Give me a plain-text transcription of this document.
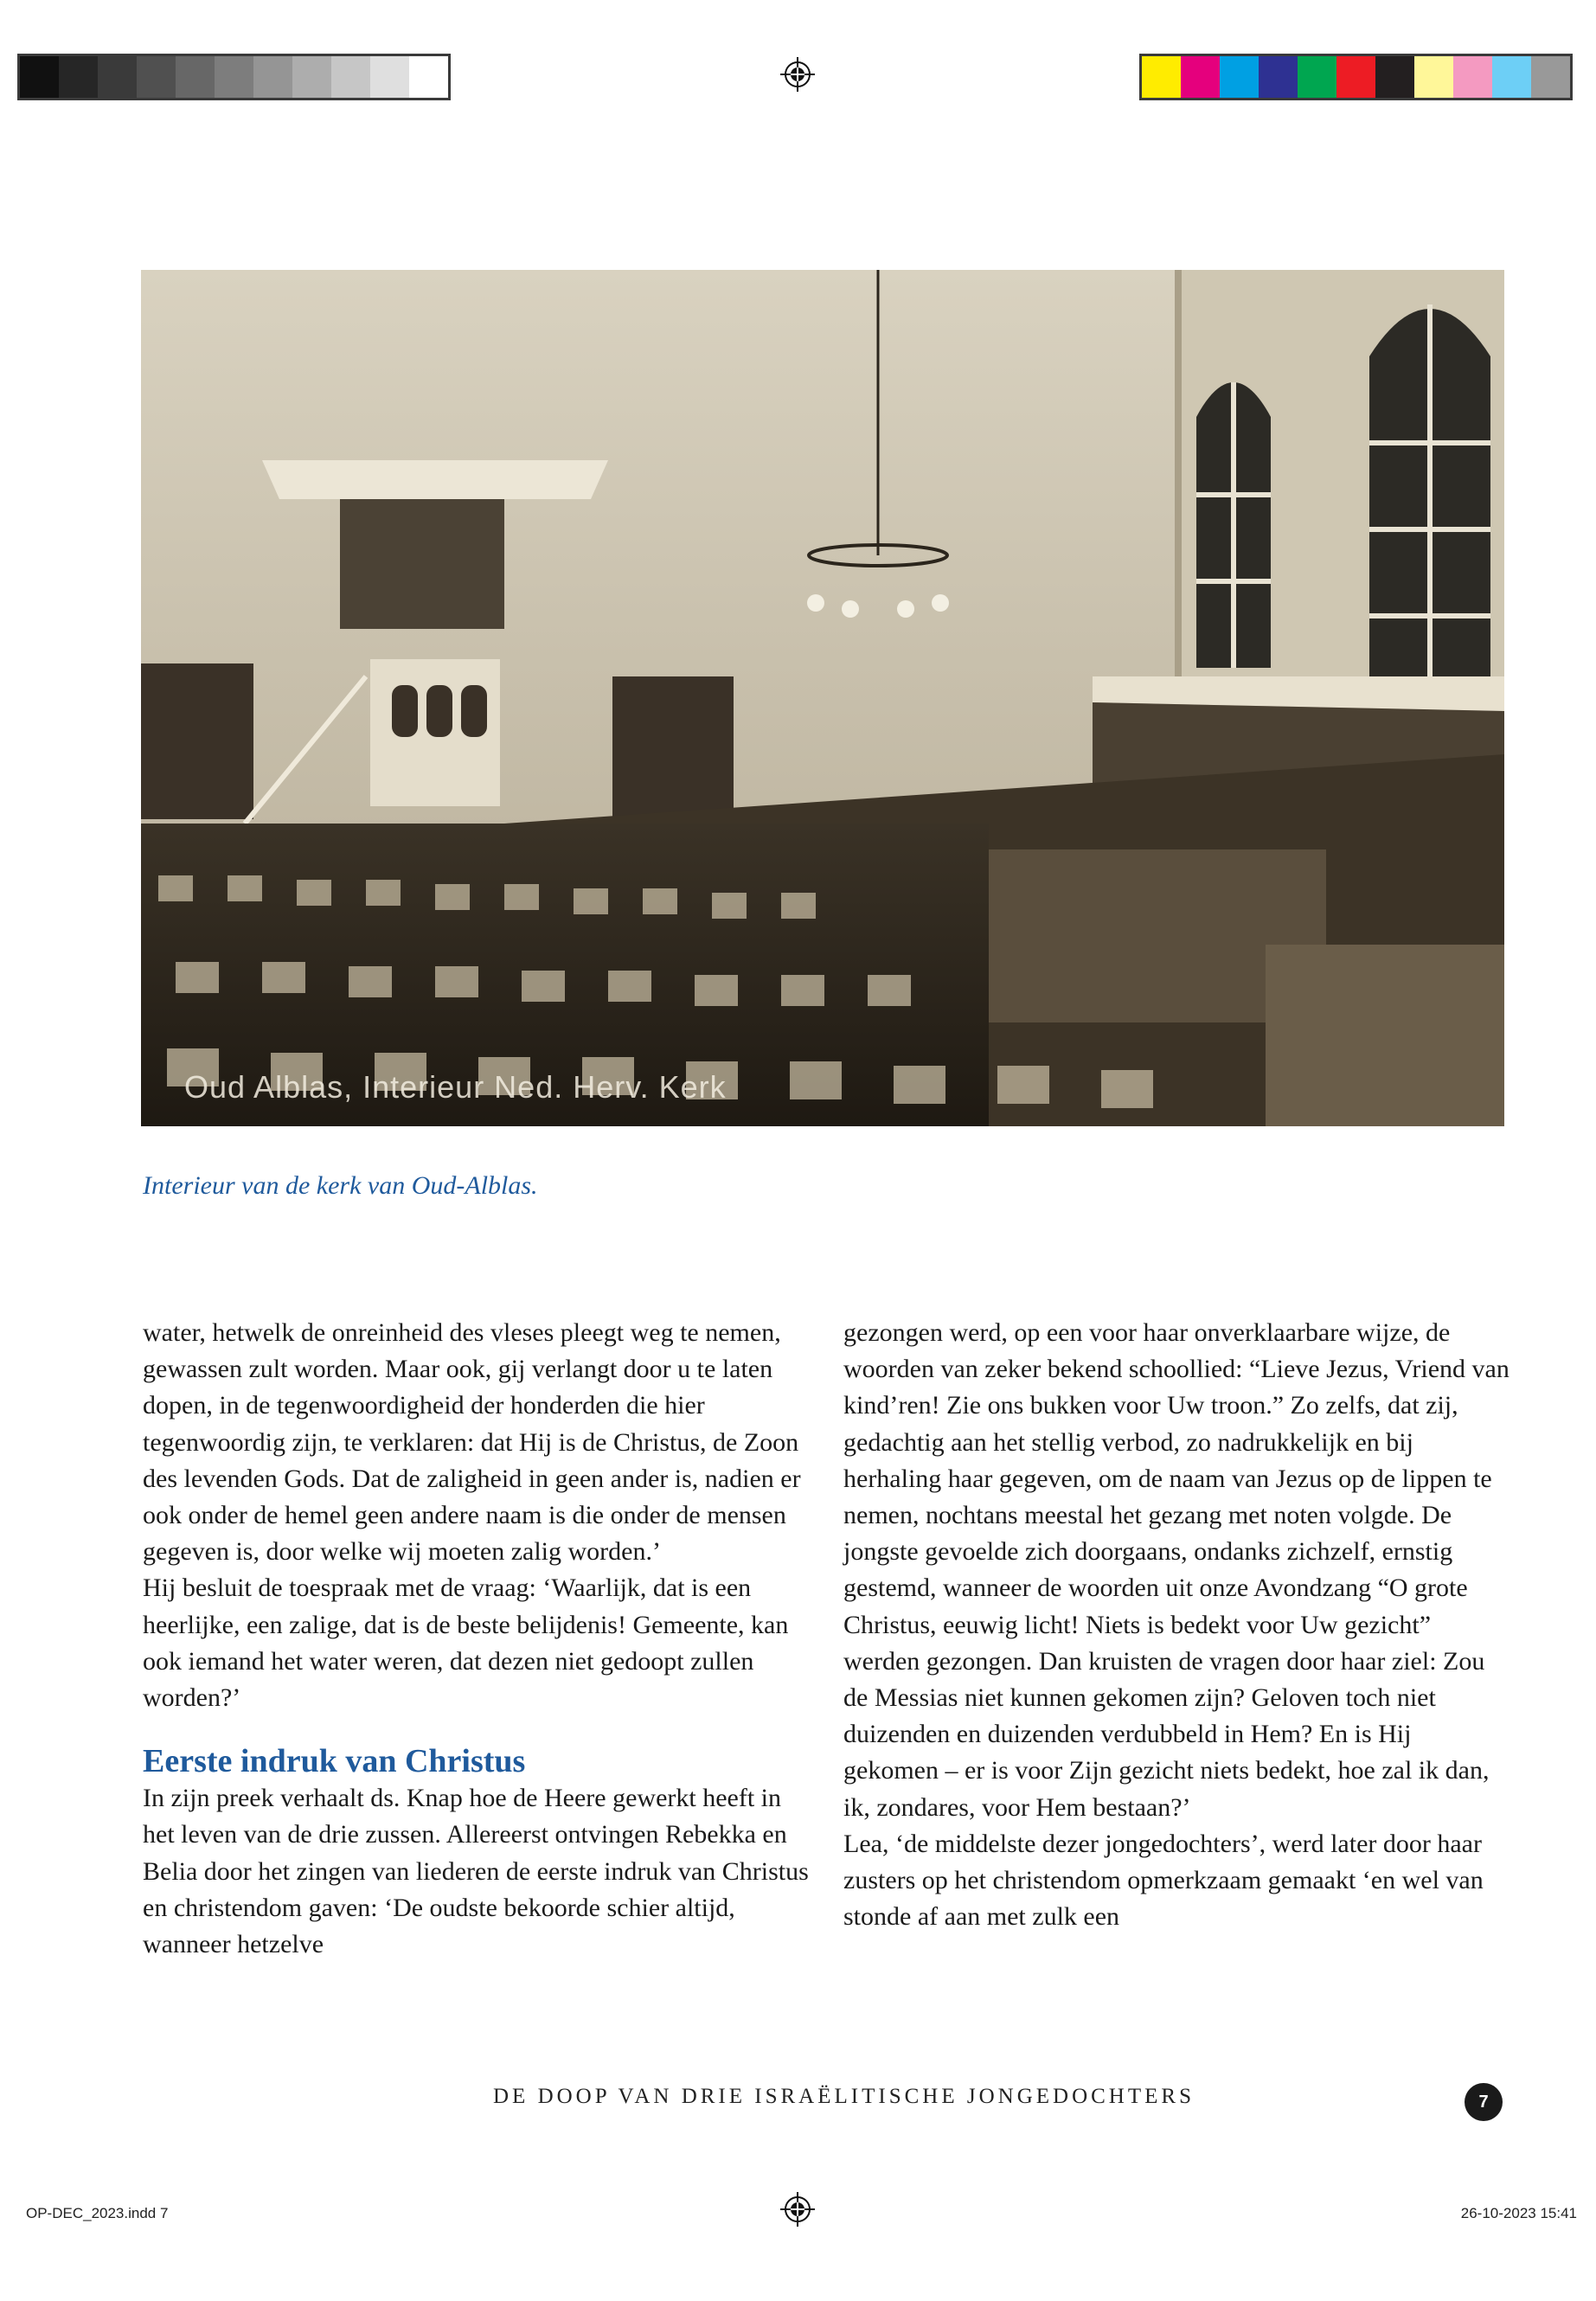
Oud Alblas, Interieur Ned. Herv. Kerk
Interieur van de kerk van Oud-Alblas.

water, hetwelk de onreinheid des vleses pleegt weg te nemen, gewassen zult worden. Maar ook, gij verlangt door u te laten dopen, in de tegenwoordigheid der honderden die hier tegenwoordig zijn, te verklaren: dat Hij is de Christus, de Zoon des levenden Gods. Dat de zaligheid in geen ander is, nadien er ook onder de hemel geen andere naam is die onder de mensen gegeven is, door welke wij moeten zalig worden.’

Hij besluit de toespraak met de vraag: ‘Waarlijk, dat is een heerlijke, een zalige, dat is de beste belijdenis! Gemeente, kan ook iemand het water weren, dat dezen niet gedoopt zullen worden?’

Eerste indruk van Christus

In zijn preek verhaalt ds. Knap hoe de Heere gewerkt heeft in het leven van de drie zussen. Allereerst ontvingen Rebekka en Belia door het zingen van liederen de eerste indruk van Christus en christendom gaven: ‘De oudste bekoorde schier altijd, wanneer hetzelve

gezongen werd, op een voor haar onverklaarbare wijze, de woorden van zeker bekend schoollied: “Lieve Jezus, Vriend van kind’ren! Zie ons bukken voor Uw troon.” Zo zelfs, dat zij, gedachtig aan het stellig verbod, zo nadrukkelijk en bij herhaling haar gegeven, om de naam van Jezus op de lippen te nemen, nochtans meestal het gezang met noten volgde. De jongste gevoelde zich doorgaans, ondanks zichzelf, ernstig gestemd, wanneer de woorden uit onze Avondzang “O grote Christus, eeuwig licht! Niets is bedekt voor Uw gezicht” werden gezongen. Dan kruisten de vragen door haar ziel: Zou de Messias niet kunnen gekomen zijn? Geloven toch niet duizenden en duizenden verdubbeld in Hem? En is Hij gekomen – er is voor Zijn gezicht niets bedekt, hoe zal ik dan, ik, zondares, voor Hem bestaan?’

Lea, ‘de middelste dezer jongedochters’, werd later door haar zusters op het christendom opmerkzaam gemaakt ‘en wel van stonde af aan met zulk een

DE DOOP VAN DRIE ISRAËLITISCHE JONGEDOCHTERS	7
OP-DEC_2023.indd 7	26-10-2023 15:41
